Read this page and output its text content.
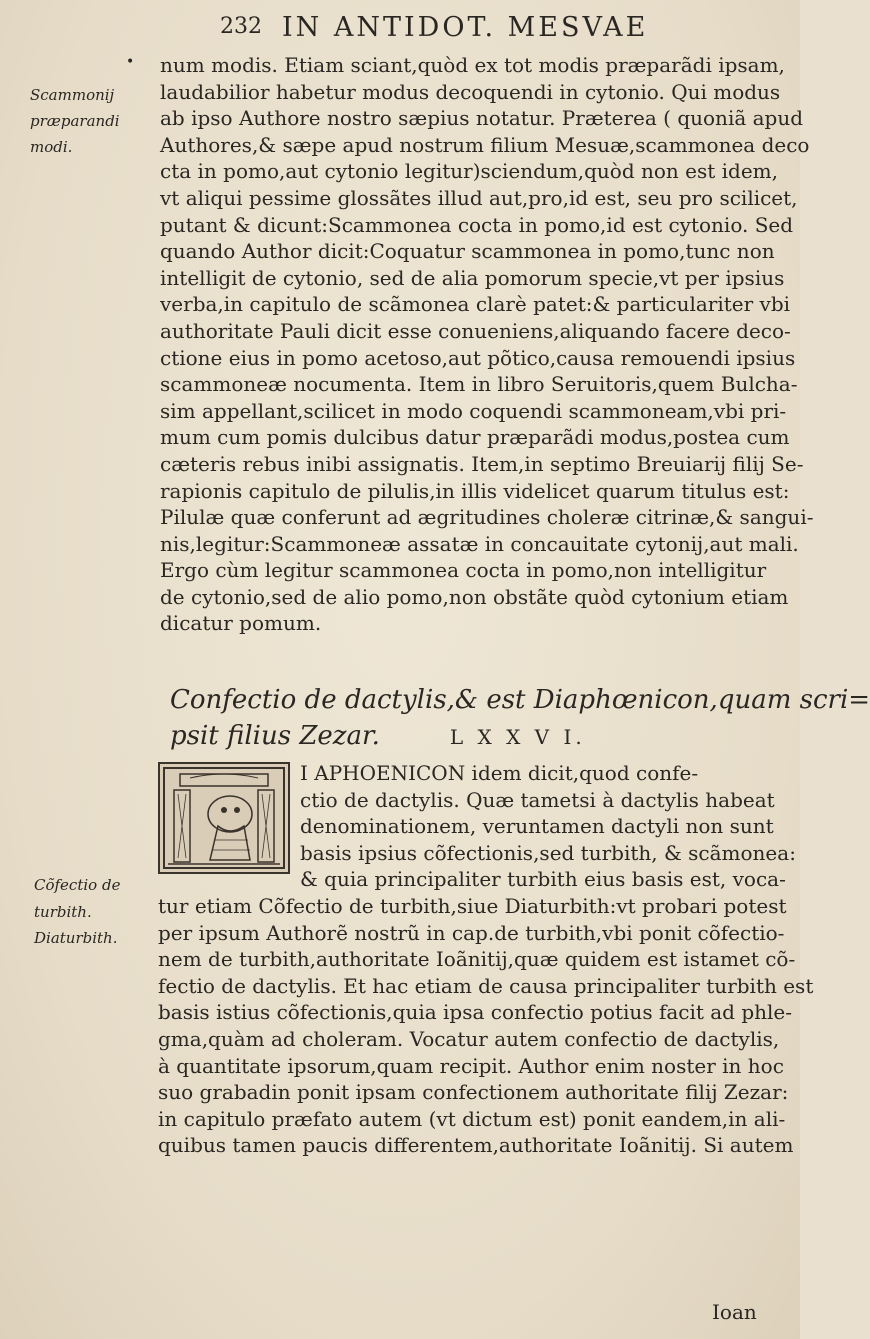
232 IN ANTIDOT. MESVAE
•
Scammonij
præparandi
modi.
num modis. Etiam sciant,quòd ex tot modis præparãdi ipsam,
laudabilior habetur modus decoquendi in cytonio. Qui modus
ab ipso Authore nostro sæpius notatur. Præterea ( quoniã apud
Authores,& sæpe apud nostrum filium Mesuæ,scammonea deco
cta in pomo,aut cytonio legitur)sciendum,quòd non est idem,
vt aliqui pessime glossãtes illud aut,pro,id est, seu pro scilicet,
putant & dicunt:Scammonea cocta in pomo,id est cytonio. Sed
quando Author dicit:Coquatur scammonea in pomo,tunc non
intelligit de cytonio, sed de alia pomorum specie,vt per ipsius
verba,in capitulo de scãmonea clarè patet:& particulariter vbi
authoritate Pauli dicit esse conueniens,aliquando facere deco-
ctione eius in pomo acetoso,aut põtico,causa remouendi ipsius
scammoneæ nocumenta. Item in libro Seruitoris,quem Bulcha-
sim appellant,scilicet in modo coquendi scammoneam,vbi pri-
mum cum pomis dulcibus datur præparãdi modus,postea cum
cæteris rebus inibi assignatis. Item,in septimo Breuiarij filij Se-
rapionis capitulo de pilulis,in illis videlicet quarum titulus est:
Pilulæ quæ conferunt ad ægritudines choleræ citrinæ,& sangui-
nis,legitur:Scammoneæ assatæ in concauitate cytonij,aut mali.
Ergo cùm legitur scammonea cocta in pomo,non intelligitur
de cytonio,sed de alio pomo,non obstãte quòd cytonium etiam
dicatur pomum.
Confectio de dactylis,& est Diaphœnicon,quam scri=
psit filius Zezar.	L X X V I.
I APHOENICON idem dicit,quod confe-
ctio de dactylis. Quæ tametsi à dactylis habeat
denominationem, veruntamen dactyli non sunt
basis ipsius cõfectionis,sed turbith, & scãmonea:
& quia principaliter turbith eius basis est, voca-
tur etiam Cõfectio de turbith,siue Diaturbith:vt probari potest
per ipsum Authorẽ nostrũ in cap.de turbith,vbi ponit cõfectio-
nem de turbith,authoritate Ioãnitij,quæ quidem est istamet cõ-
fectio de dactylis. Et hac etiam de causa principaliter turbith est
basis istius cõfectionis,quia ipsa confectio potius facit ad phle-
gma,quàm ad choleram. Vocatur autem confectio de dactylis,
à quantitate ipsorum,quam recipit. Author enim noster in hoc
suo grabadin ponit ipsam confectionem authoritate filij Zezar:
in capitulo præfato autem (vt dictum est) ponit eandem,in ali-
quibus tamen paucis differentem,authoritate Ioãnitij. Si autem
Cõfectio de
turbith.
Diaturbith.
Ioan
